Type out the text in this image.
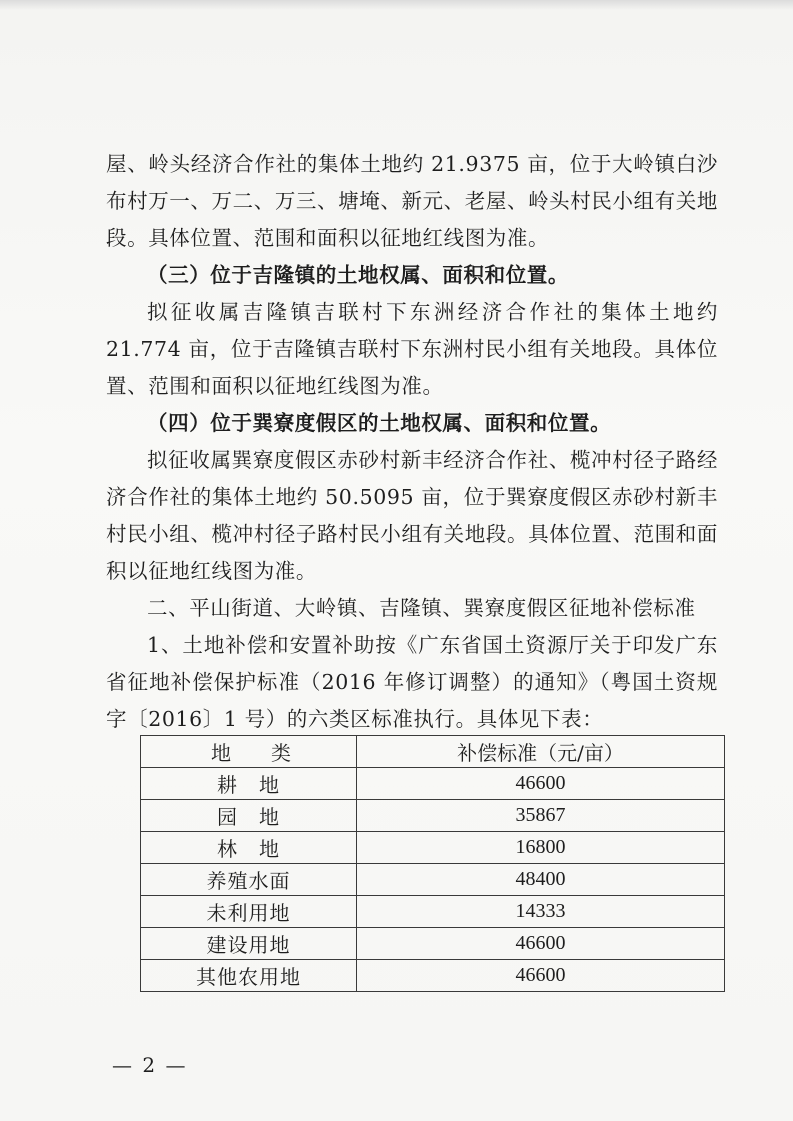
屋、岭头经济合作社的集体土地约 21.9375 亩，位于大岭镇白沙布村万一、万二、万三、塘埯、新元、老屋、岭头村民小组有关地段。具体位置、范围和面积以征地红线图为准。

（三）位于吉隆镇的土地权属、面积和位置。

拟征收属吉隆镇吉联村下东洲经济合作社的集体土地约 21.774 亩，位于吉隆镇吉联村下东洲村民小组有关地段。具体位置、范围和面积以征地红线图为准。

（四）位于巽寮度假区的土地权属、面积和位置。

拟征收属巽寮度假区赤砂村新丰经济合作社、榄冲村径子路经济合作社的集体土地约 50.5095 亩，位于巽寮度假区赤砂村新丰村民小组、榄冲村径子路村民小组有关地段。具体位置、范围和面积以征地红线图为准。

二、平山街道、大岭镇、吉隆镇、巽寮度假区征地补偿标准

1、土地补偿和安置补助按《广东省国土资源厅关于印发广东省征地补偿保护标准（2016 年修订调整）的通知》（粤国土资规字〔2016〕1 号）的六类区标准执行。具体见下表：

地　　类	补偿标准（元/亩）
耕　地	46600
园　地	35867
林　地	16800
养殖水面	48400
未利用地	14333
建设用地	46600
其他农用地	46600
— 2 —
